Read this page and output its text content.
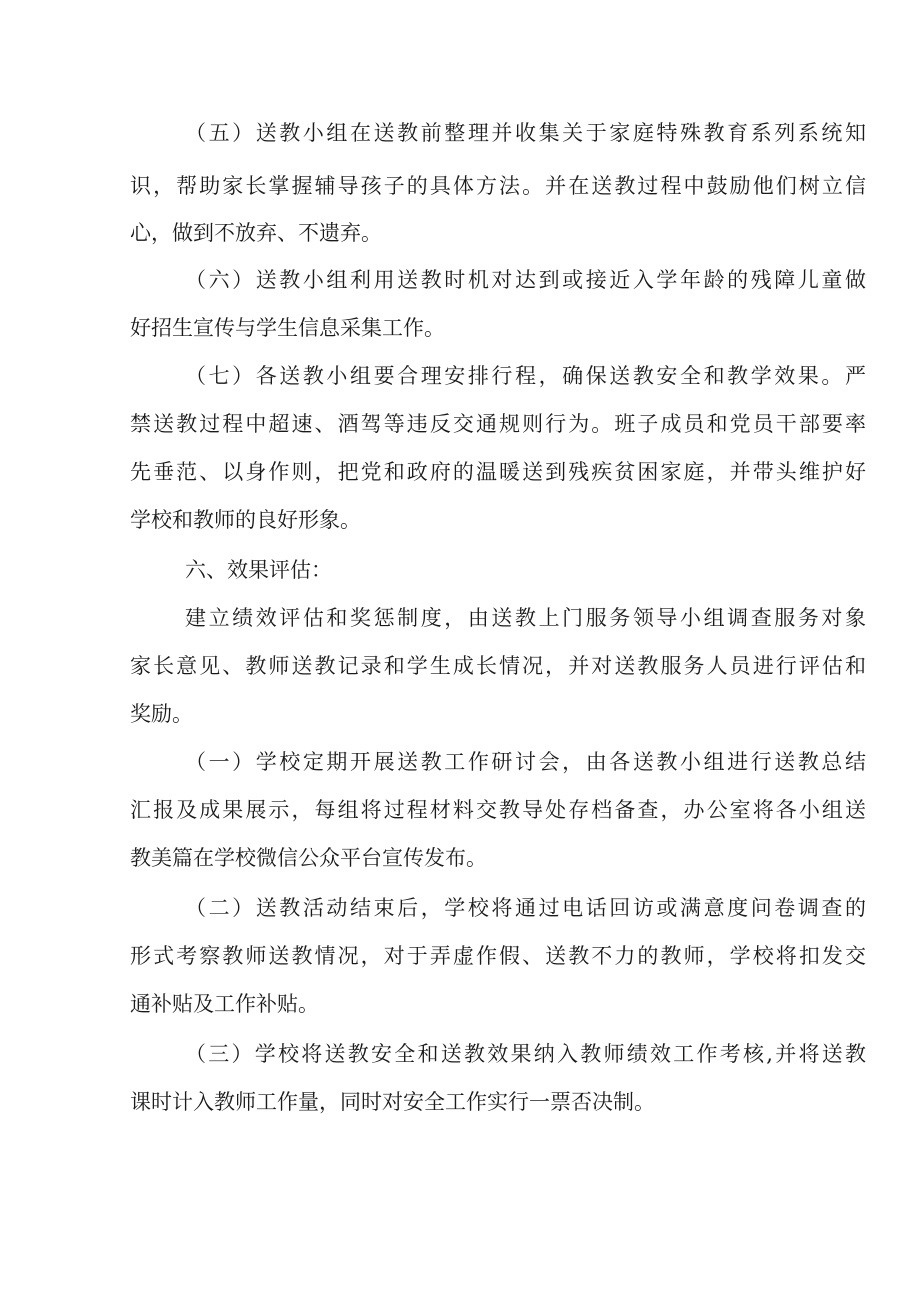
（五）送教小组在送教前整理并收集关于家庭特殊教育系列系统知

识，帮助家长掌握辅导孩子的具体方法。并在送教过程中鼓励他们树立信

心，做到不放弃、不遗弃。

（六）送教小组利用送教时机对达到或接近入学年龄的残障儿童做

好招生宣传与学生信息采集工作。

（七）各送教小组要合理安排行程，确保送教安全和教学效果。严

禁送教过程中超速、酒驾等违反交通规则行为。班子成员和党员干部要率

先垂范、以身作则，把党和政府的温暖送到残疾贫困家庭，并带头维护好

学校和教师的良好形象。

六、效果评估：

建立绩效评估和奖惩制度，由送教上门服务领导小组调查服务对象

家长意见、教师送教记录和学生成长情况，并对送教服务人员进行评估和

奖励。

（一）学校定期开展送教工作研讨会，由各送教小组进行送教总结

汇报及成果展示，每组将过程材料交教导处存档备查，办公室将各小组送

教美篇在学校微信公众平台宣传发布。

（二）送教活动结束后，学校将通过电话回访或满意度问卷调查的

形式考察教师送教情况，对于弄虚作假、送教不力的教师，学校将扣发交

通补贴及工作补贴。

（三）学校将送教安全和送教效果纳入教师绩效工作考核,并将送教

课时计入教师工作量，同时对安全工作实行一票否决制。
